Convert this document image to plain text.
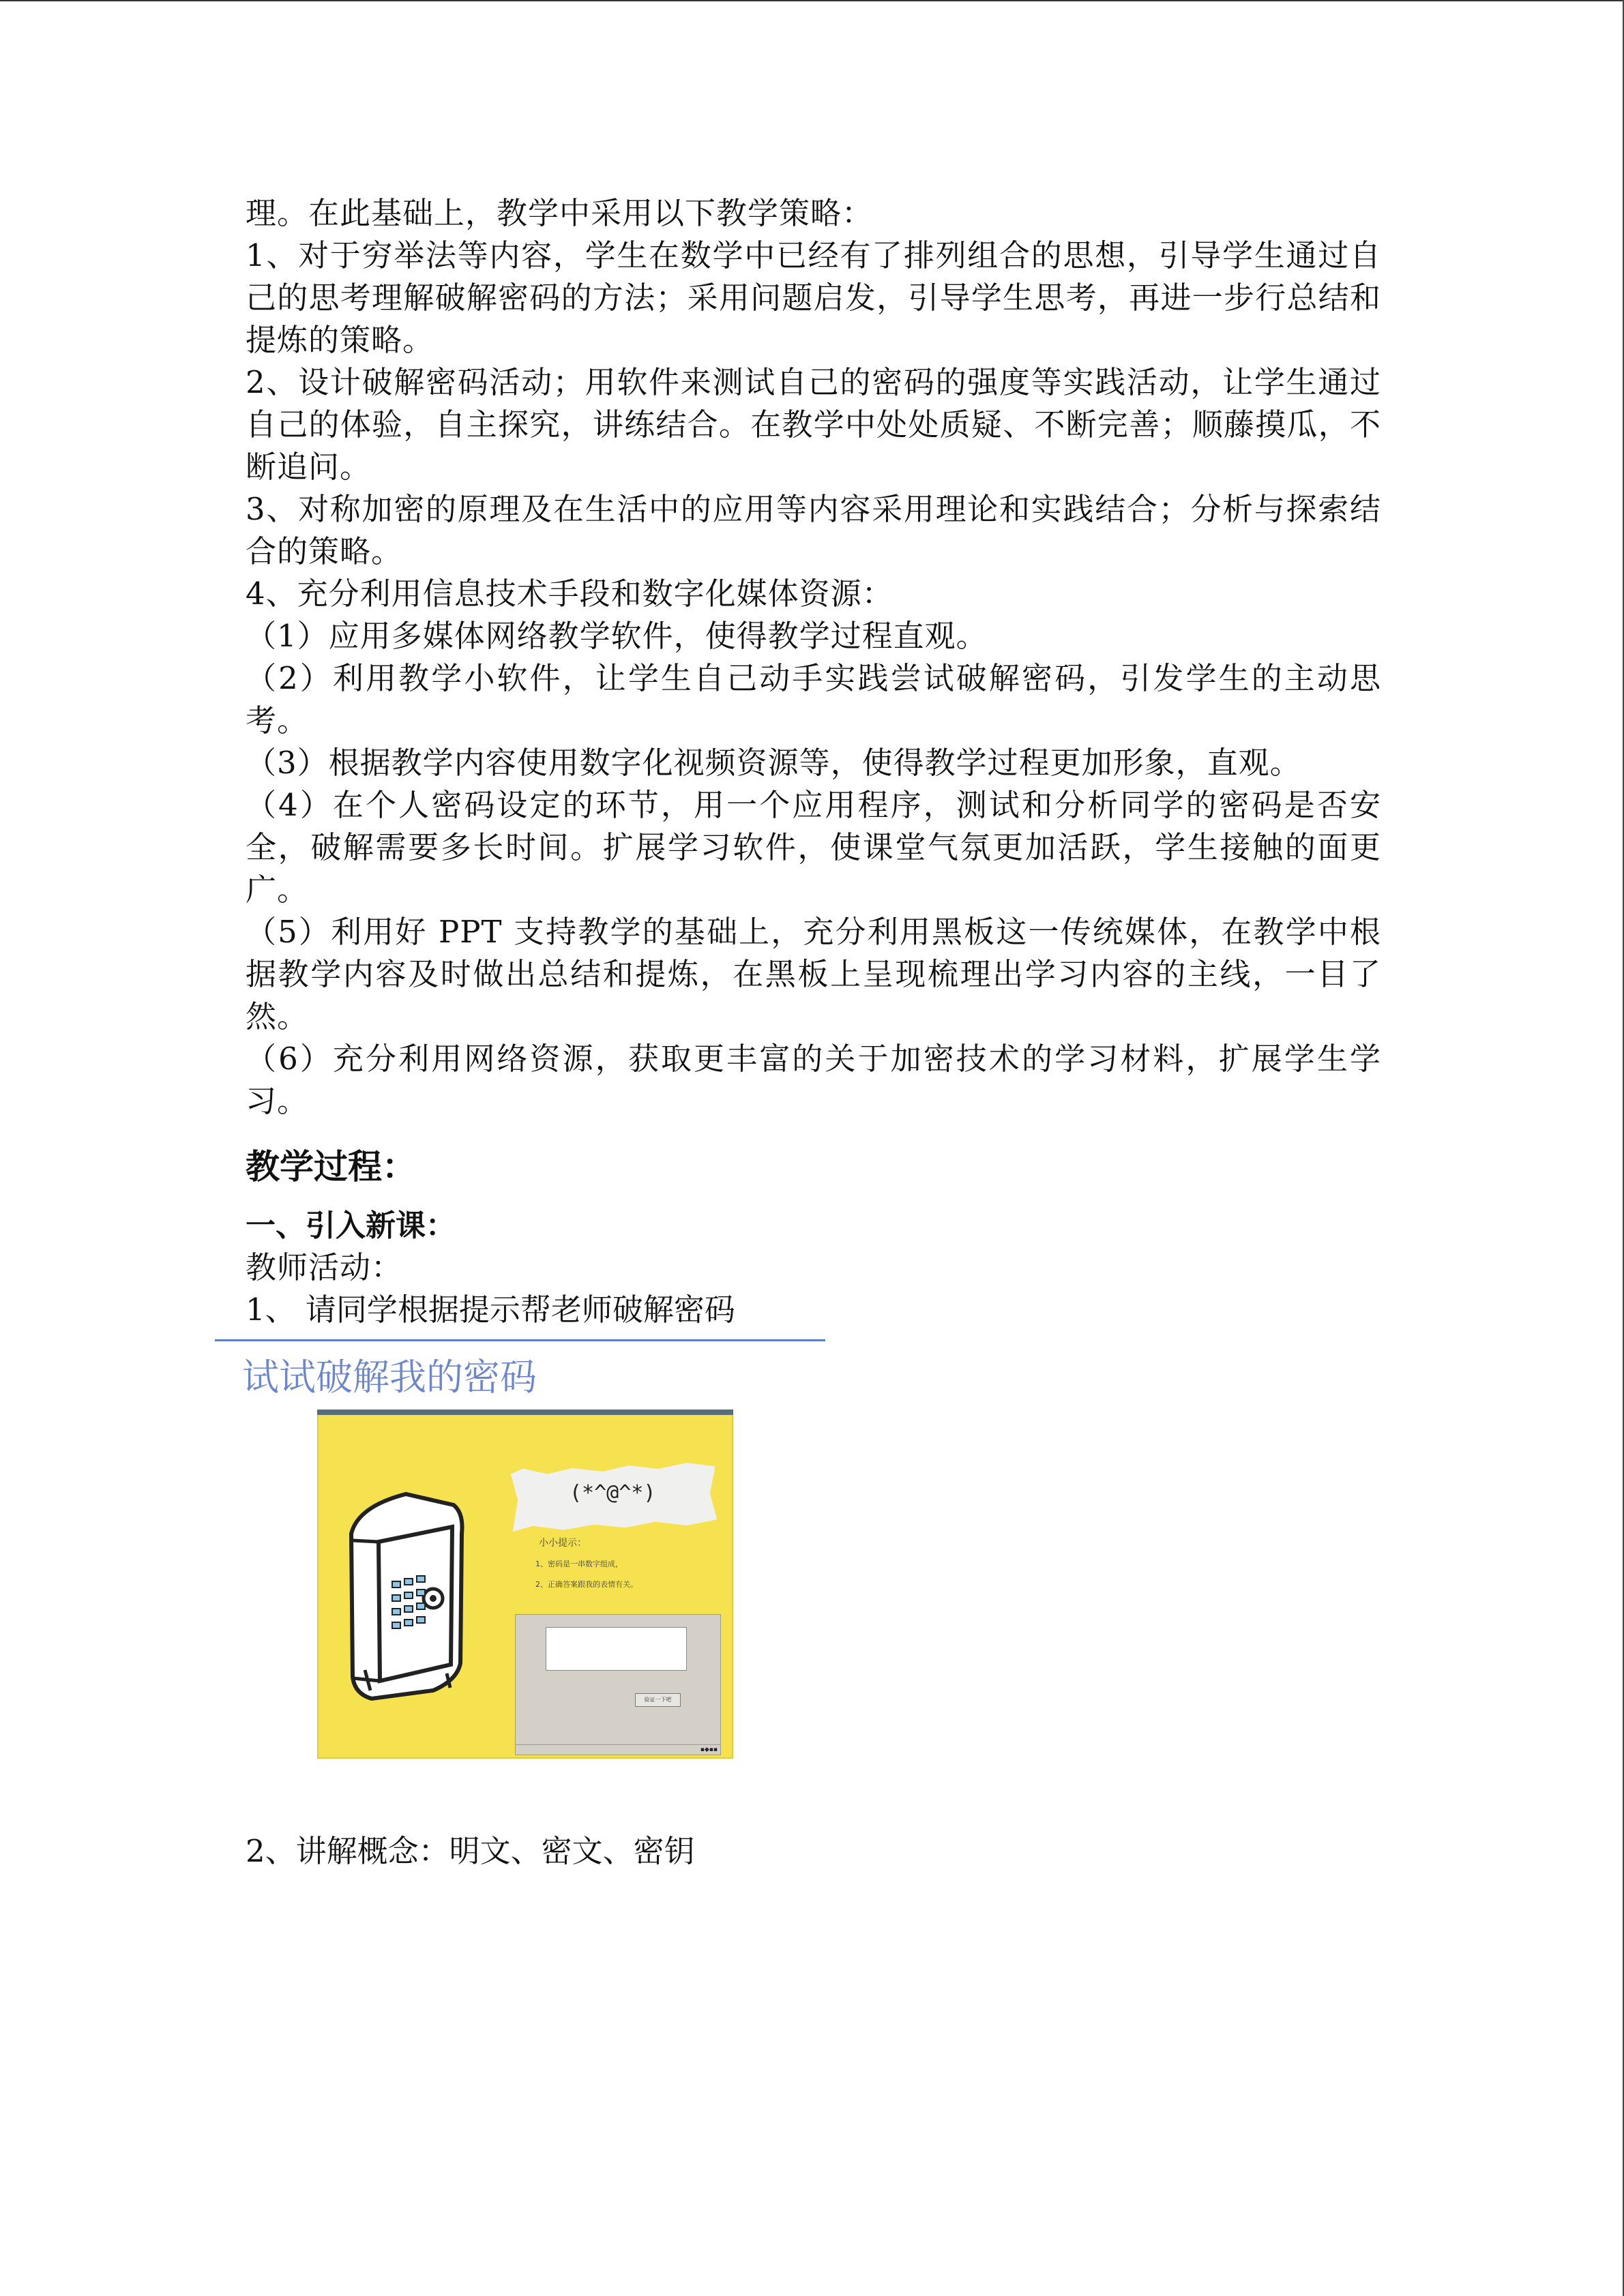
理。在此基础上，教学中采用以下教学策略：

1、对于穷举法等内容，学生在数学中已经有了排列组合的思想，引导学生通过自己的思考理解破解密码的方法；采用问题启发，引导学生思考，再进一步行总结和提炼的策略。

2、设计破解密码活动；用软件来测试自己的密码的强度等实践活动，让学生通过自己的体验，自主探究，讲练结合。在教学中处处质疑、不断完善；顺藤摸瓜，不断追问。

3、对称加密的原理及在生活中的应用等内容采用理论和实践结合；分析与探索结合的策略。

4、充分利用信息技术手段和数字化媒体资源：

（1）应用多媒体网络教学软件，使得教学过程直观。

（2）利用教学小软件，让学生自己动手实践尝试破解密码，引发学生的主动思考。

（3）根据教学内容使用数字化视频资源等，使得教学过程更加形象，直观。

（4）在个人密码设定的环节，用一个应用程序，测试和分析同学的密码是否安全，破解需要多长时间。扩展学习软件，使课堂气氛更加活跃，学生接触的面更广。

（5）利用好 PPT 支持教学的基础上，充分利用黑板这一传统媒体，在教学中根据教学内容及时做出总结和提炼，在黑板上呈现梳理出学习内容的主线，一目了然。

（6）充分利用网络资源，获取更丰富的关于加密技术的学习材料，扩展学生学习。

教学过程：
一、引入新课：

教师活动：

1、 请同学根据提示帮老师破解密码

试试破解我的密码
(*^@^*)
小小提示：
1、密码是一串数字组成，
2、正确答案跟我的表情有关。
验证一下吧
▪◆▪▪

2、讲解概念：明文、密文、密钥
